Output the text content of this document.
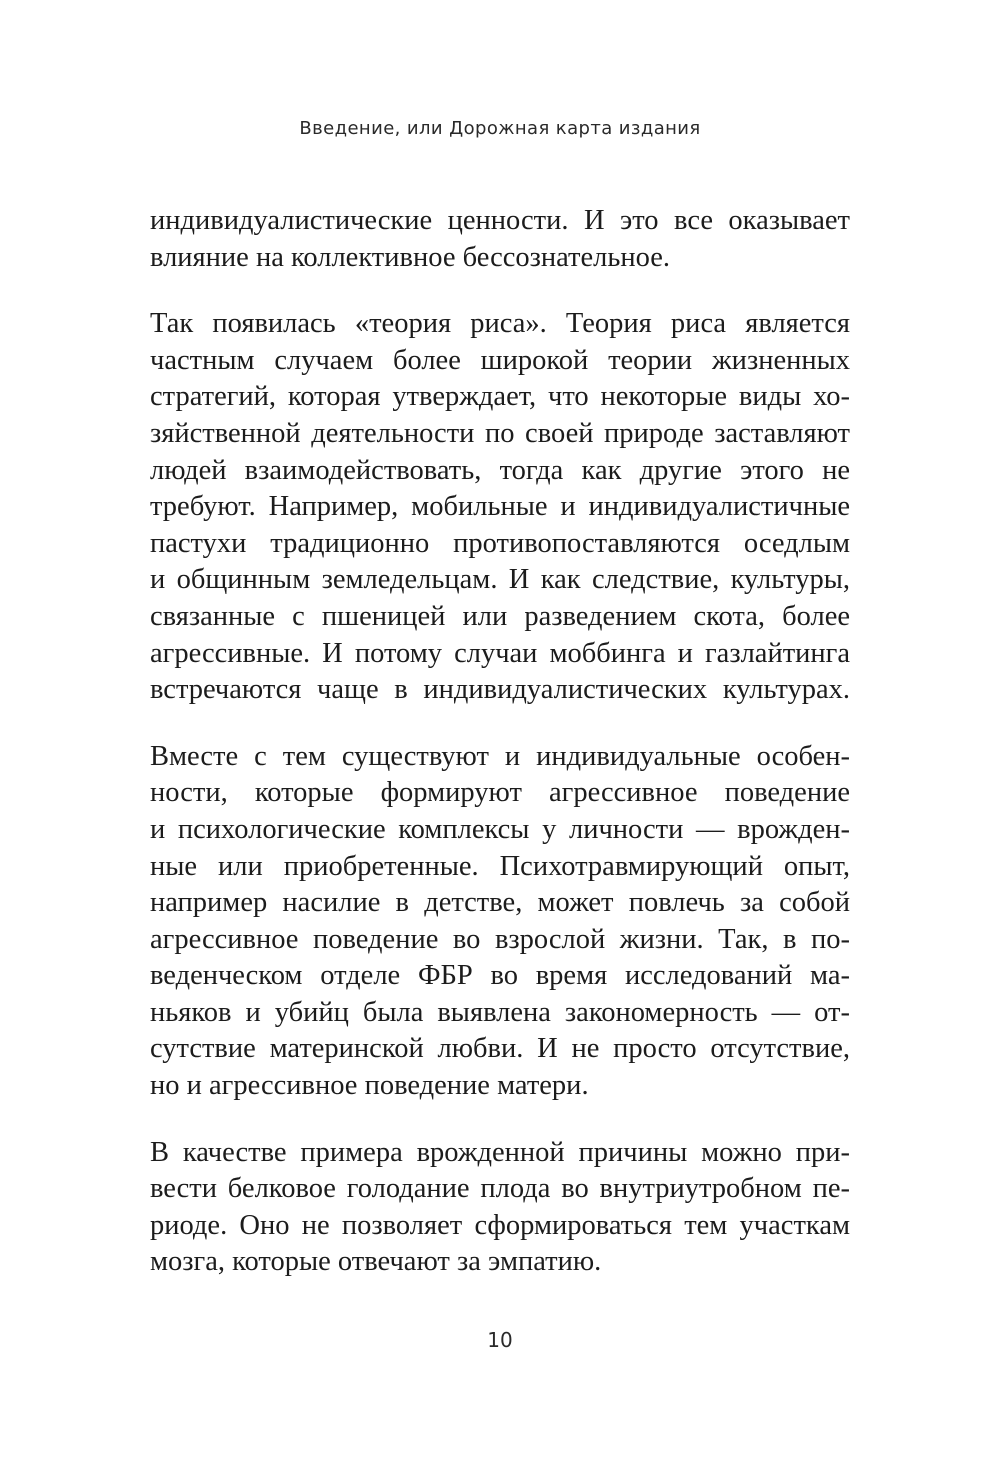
Введение, или Дорожная карта издания

индивидуалистические ценности. И это все оказывает
влияние на коллективное бессознательное.

Так появилась «теория риса». Теория риса является
частным случаем более широкой теории жизненных
стратегий, которая утверждает, что некоторые виды хо-
зяйственной деятельности по своей природе заставляют
людей взаимодействовать, тогда как другие этого не
требуют. Например, мобильные и индивидуалистичные
пастухи традиционно противопоставляются оседлым
и общинным земледельцам. И как следствие, культуры,
связанные с пшеницей или разведением скота, более
агрессивные. И потому случаи моббинга и газлайтинга
встречаются чаще в индивидуалистических культурах.

Вместе с тем существуют и индивидуальные особен-
ности, которые формируют агрессивное поведение
и психологические комплексы у личности — врожден-
ные или приобретенные. Психотравмирующий опыт,
например насилие в детстве, может повлечь за собой
агрессивное поведение во взрослой жизни. Так, в по-
веденческом отделе ФБР во время исследований ма-
ньяков и убийц была выявлена закономерность — от-
сутствие материнской любви. И не просто отсутствие,
но и агрессивное поведение матери.

В качестве примера врожденной причины можно при-
вести белковое голодание плода во внутриутробном пе-
риоде. Оно не позволяет сформироваться тем участкам
мозга, которые отвечают за эмпатию.

10
